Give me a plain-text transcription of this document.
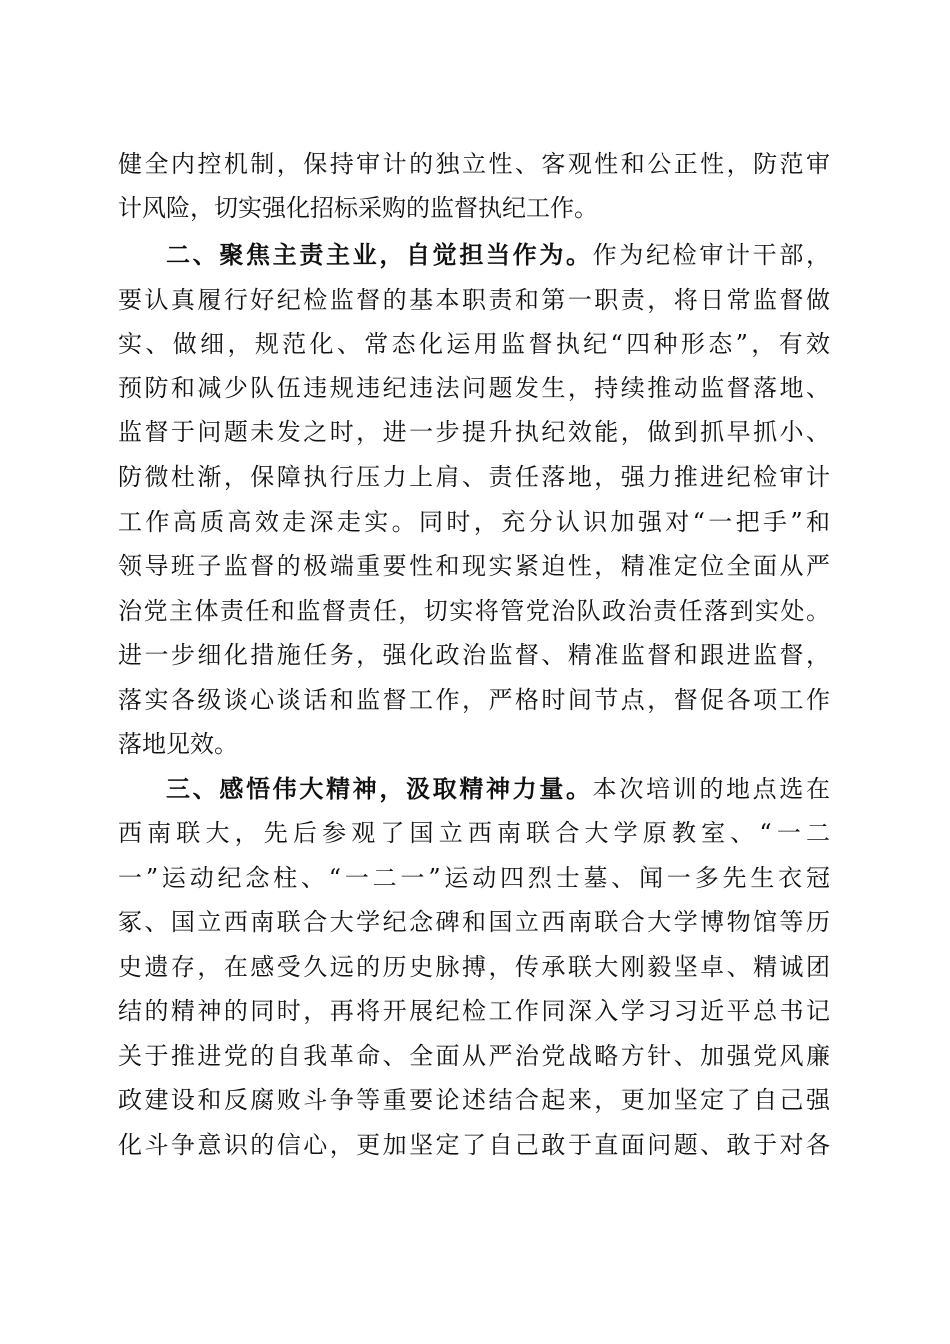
健全内控机制，保持审计的独立性、客观性和公正性，防范审
计风险，切实强化招标采购的监督执纪工作。
二、聚焦主责主业，自觉担当作为。作为纪检审计干部，
要认真履行好纪检监督的基本职责和第一职责，将日常监督做
实、做细，规范化、常态化运用监督执纪“四种形态”，有效
预防和减少队伍违规违纪违法问题发生，持续推动监督落地、
监督于问题未发之时，进一步提升执纪效能，做到抓早抓小、
防微杜渐，保障执行压力上肩、责任落地，强力推进纪检审计
工作高质高效走深走实。同时，充分认识加强对“一把手”和
领导班子监督的极端重要性和现实紧迫性，精准定位全面从严
治党主体责任和监督责任，切实将管党治队政治责任落到实处。
进一步细化措施任务，强化政治监督、精准监督和跟进监督，
落实各级谈心谈话和监督工作，严格时间节点，督促各项工作
落地见效。
三、感悟伟大精神，汲取精神力量。本次培训的地点选在
西南联大，先后参观了国立西南联合大学原教室、“一二
一”运动纪念柱、“一二一”运动四烈士墓、闻一多先生衣冠
冢、国立西南联合大学纪念碑和国立西南联合大学博物馆等历
史遗存，在感受久远的历史脉搏，传承联大刚毅坚卓、精诚团
结的精神的同时，再将开展纪检工作同深入学习习近平总书记
关于推进党的自我革命、全面从严治党战略方针、加强党风廉
政建设和反腐败斗争等重要论述结合起来，更加坚定了自己强
化斗争意识的信心，更加坚定了自己敢于直面问题、敢于对各
